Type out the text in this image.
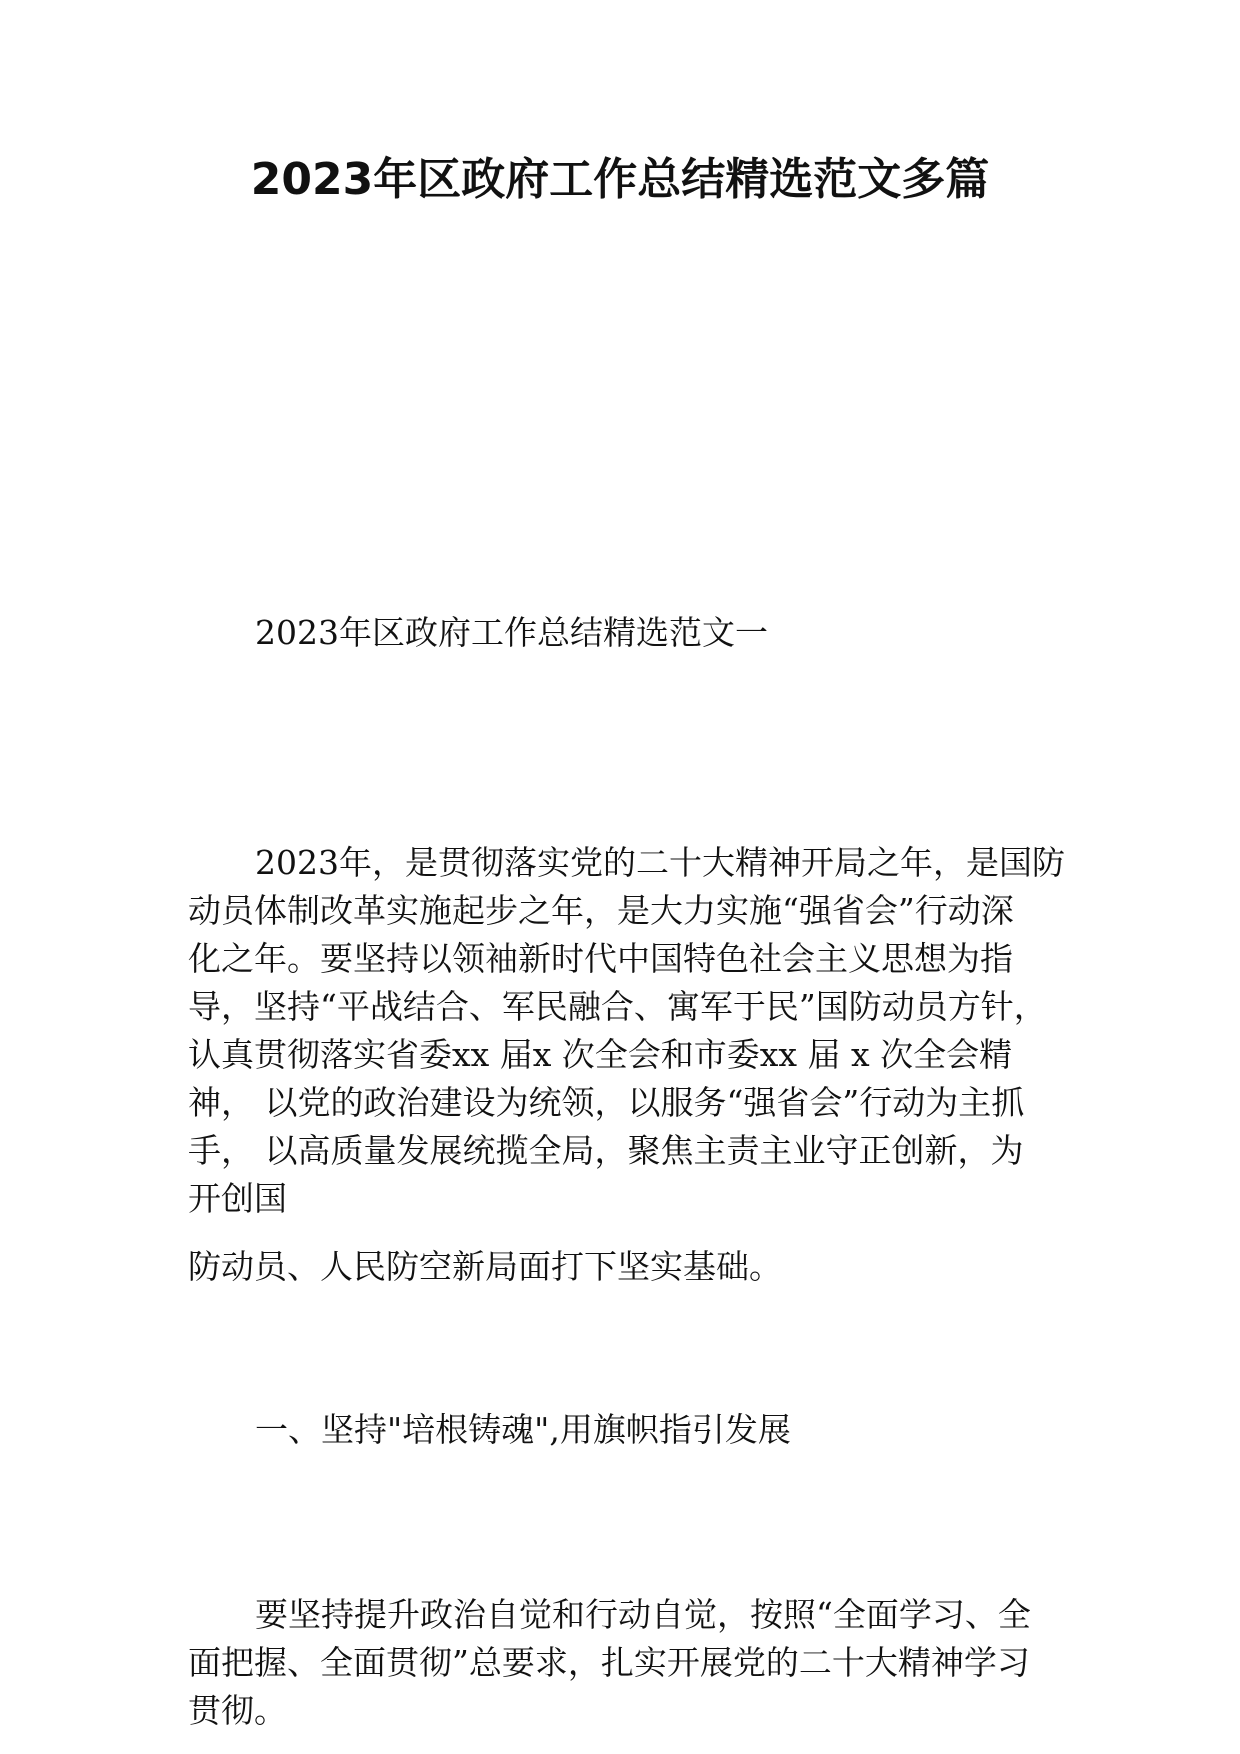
2023年区政府工作总结精选范文多篇
2023年区政府工作总结精选范文一
2023年，是贯彻落实党的二十大精神开局之年，是国防
动员体制改革实施起步之年，是大力实施“强省会”行动深
化之年。要坚持以领袖新时代中国特色社会主义思想为指
导，坚持“平战结合、军民融合、寓军于民”国防动员方针，
认真贯彻落实省委xx 届x 次全会和市委xx 届 x 次全会精
神， 以党的政治建设为统领，以服务“强省会”行动为主抓
手， 以高质量发展统揽全局，聚焦主责主业守正创新，为
开创国
防动员、人民防空新局面打下坚实基础。
一、坚持"培根铸魂",用旗帜指引发展
要坚持提升政治自觉和行动自觉，按照“全面学习、全
面把握、全面贯彻”总要求，扎实开展党的二十大精神学习
贯彻。
